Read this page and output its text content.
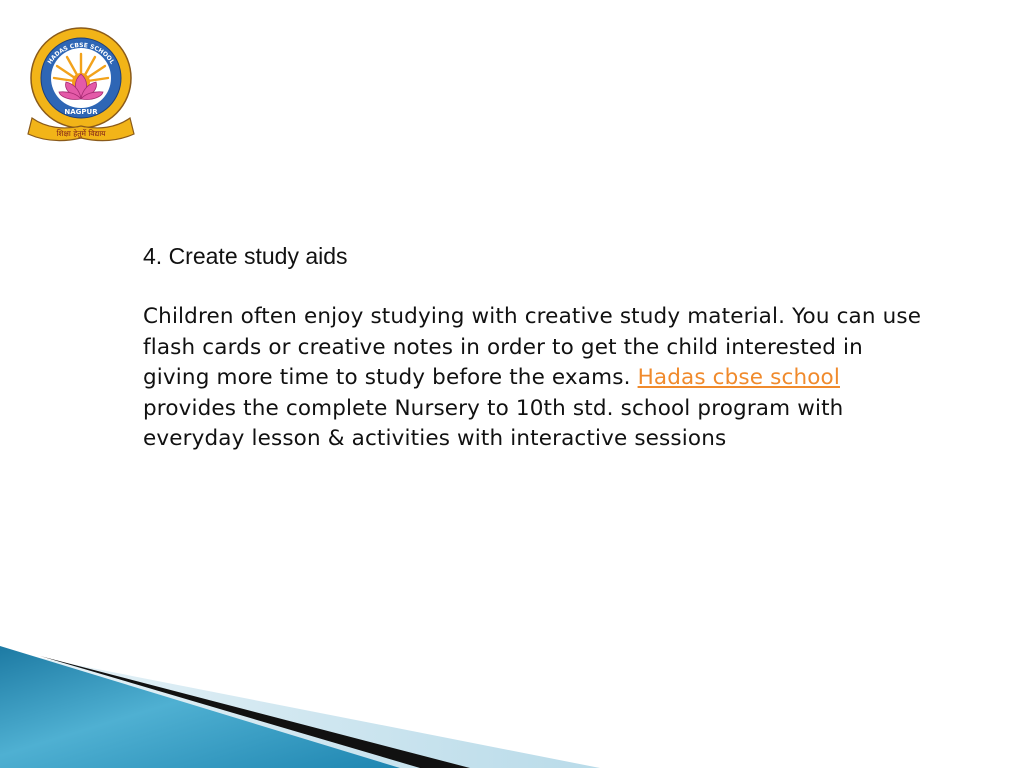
शिक्षा हेतुर्मे विद्याय
NAGPUR
HADAS CBSE SCHOOL
4. Create study aids

Children often enjoy studying with creative study material. You can use flash cards or creative notes in order to get the child interested in giving more time to study before the exams. Hadas cbse school provides the complete Nursery to 10th std. school program with everyday lesson & activities with interactive sessions
